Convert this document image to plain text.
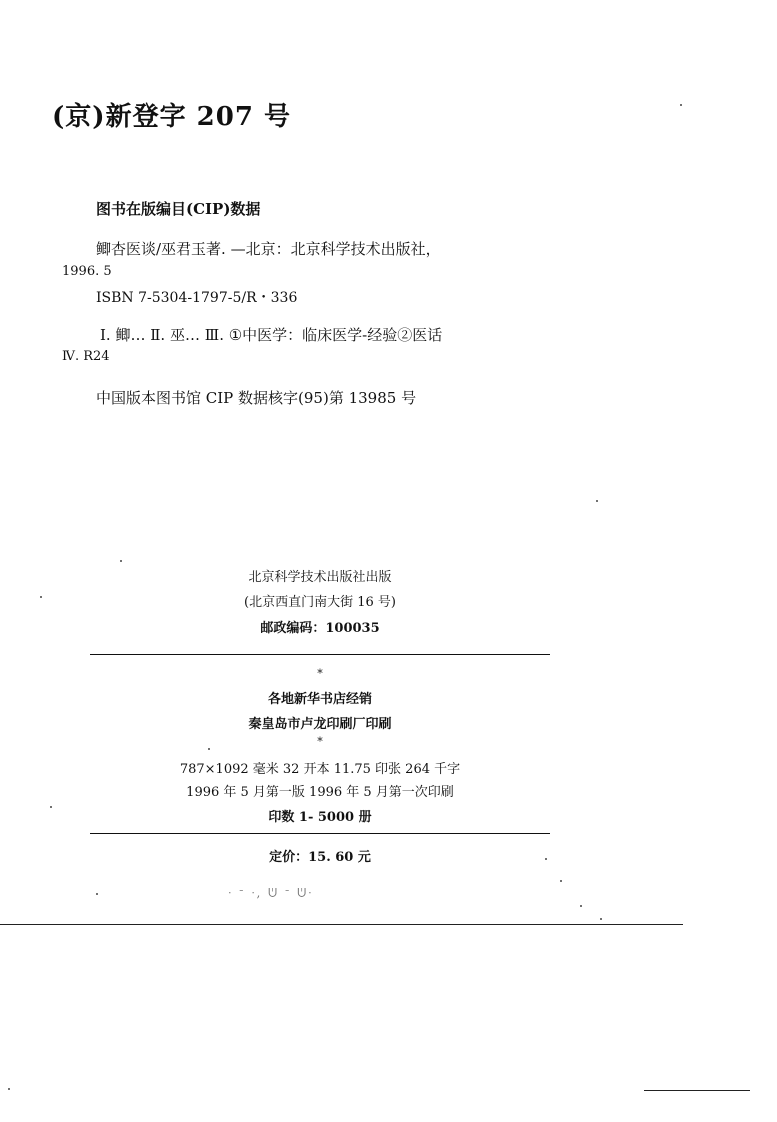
(京)新登字 207 号
图书在版编目(CIP)数据
鲫杏医谈/巫君玉著. —北京：北京科学技术出版社，
1996. 5
ISBN 7-5304-1797-5/R・336
Ⅰ. 鲫… Ⅱ. 巫… Ⅲ. ①中医学：临床医学-经验②医话
Ⅳ. R24
中国版本图书馆 CIP 数据核字(95)第 13985 号
北京科学技术出版社出版
(北京西直门南大街 16 号)
邮政编码：100035
*
各地新华书店经销
秦皇岛市卢龙印刷厂印刷
*
787×1092 毫米 32 开本 11.75 印张 264 千字
1996 年 5 月第一版 1996 年 5 月第一次印刷
印数 1- 5000 册
定价：15. 60 元
ᐧ ᐨ ᐧ, ᕫ ᐨ ᕫᐧ
